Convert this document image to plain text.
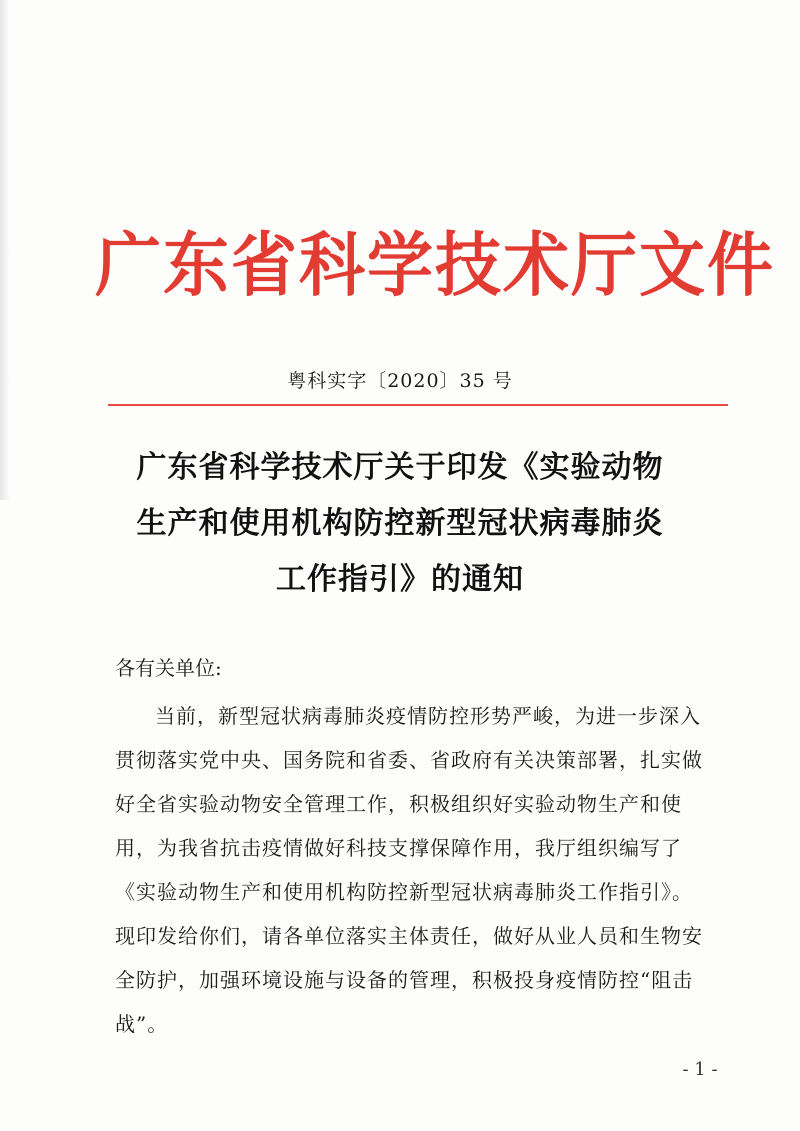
广东省科学技术厅文件
粤科实字〔2020〕35 号
广东省科学技术厅关于印发《实验动物
生产和使用机构防控新型冠状病毒肺炎
工作指引》的通知
各有关单位:
当前，新型冠状病毒肺炎疫情防控形势严峻，为进一步深入
贯彻落实党中央、国务院和省委、省政府有关决策部署，扎实做
好全省实验动物安全管理工作，积极组织好实验动物生产和使
用，为我省抗击疫情做好科技支撑保障作用，我厅组织编写了
《实验动物生产和使用机构防控新型冠状病毒肺炎工作指引》。
现印发给你们，请各单位落实主体责任，做好从业人员和生物安
全防护，加强环境设施与设备的管理，积极投身疫情防控“阻击
战”。
- 1 -
